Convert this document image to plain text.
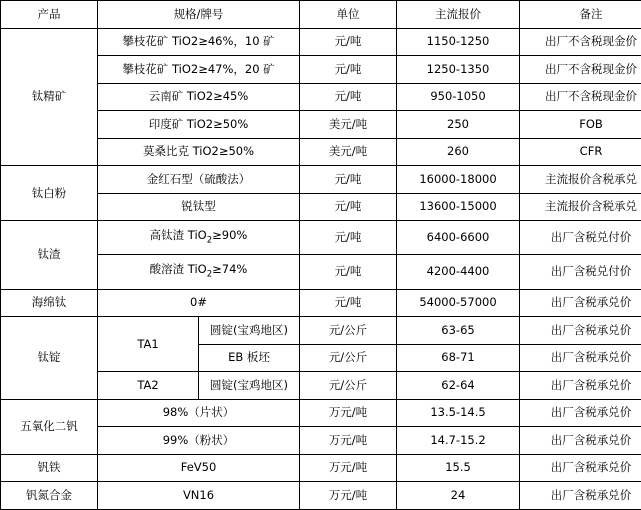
产品	规格/牌号		单位	主流报价	备注
钛精矿	攀枝花矿 TiO2≥46%，10 矿		元/吨	1150-1250	出厂不含税现金价
	攀枝花矿 TiO2≥47%，20 矿		元/吨	1250-1350	出厂不含税现金价
	云南矿 TiO2≥45%		元/吨	950-1050	出厂不含税现金价
	印度矿 TiO2≥50%		美元/吨	250	FOB
	莫桑比克 TiO2≥50%		美元/吨	260	CFR
钛白粉	金红石型（硫酸法）		元/吨	16000-18000	主流报价含税承兑
	锐钛型		元/吨	13600-15000	主流报价含税承兑
钛渣	高钛渣 TiO$_2$≥90%		元/吨	6400-6600	出厂含税兑付价
	酸溶渣 TiO$_2$≥74%		元/吨	4200-4400	出厂含税兑付价
海绵钛	0#		元/吨	54000-57000	出厂含税承兑价
钛锭	TA1	圆锭(宝鸡地区)	元/公斤	63-65	出厂含税承兑价
		EB 板坯	元/公斤	68-71	出厂含税承兑价
	TA2	圆锭(宝鸡地区)	元/公斤	62-64	出厂含税承兑价
五氧化二钒	98%（片状）		万元/吨	13.5-14.5	出厂含税承兑价
	99%（粉状）		万元/吨	14.7-15.2	出厂含税承兑价
钒铁	FeV50		万元/吨	15.5	出厂含税承兑价
钒氮合金	VN16		万元/吨	24	出厂含税承兑价
